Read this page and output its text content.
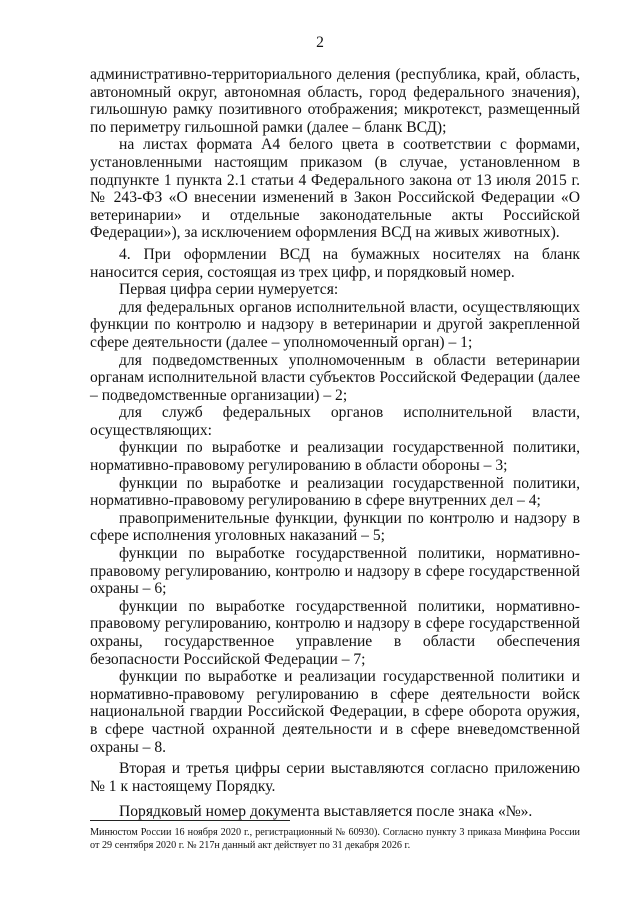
2

административно-территориального деления (республика, край, область, автономный округ, автономная область, город федерального значения), гильошную рамку позитивного отображения; микротекст, размещенный по периметру гильошной рамки (далее – бланк ВСД);

на листах формата А4 белого цвета в соответствии с формами, установленными настоящим приказом (в случае, установленном в подпункте 1 пункта 2.1 статьи 4 Федерального закона от 13 июля 2015 г. № 243-ФЗ «О внесении изменений в Закон Российской Федерации «О ветеринарии» и отдельные законодательные акты Российской Федерации»), за исключением оформления ВСД на живых животных).

4. При оформлении ВСД на бумажных носителях на бланк наносится серия, состоящая из трех цифр, и порядковый номер.

Первая цифра серии нумеруется:

для федеральных органов исполнительной власти, осуществляющих функции по контролю и надзору в ветеринарии и другой закрепленной сфере деятельности (далее – уполномоченный орган) – 1;

для подведомственных уполномоченным в области ветеринарии органам исполнительной власти субъектов Российской Федерации (далее – подведомственные организации) – 2;

для служб федеральных органов исполнительной власти, осуществляющих:

функции по выработке и реализации государственной политики, нормативно-правовому регулированию в области обороны – 3;

функции по выработке и реализации государственной политики, нормативно-правовому регулированию в сфере внутренних дел – 4;

правоприменительные функции, функции по контролю и надзору в сфере исполнения уголовных наказаний – 5;

функции по выработке государственной политики, нормативно-правовому регулированию, контролю и надзору в сфере государственной охраны – 6;

функции по выработке государственной политики, нормативно-правовому регулированию, контролю и надзору в сфере государственной охраны, государственное управление в области обеспечения безопасности Российской Федерации – 7;

функции по выработке и реализации государственной политики и нормативно-правовому регулированию в сфере деятельности войск национальной гвардии Российской Федерации, в сфере оборота оружия, в сфере частной охранной деятельности и в сфере вневедомственной охраны – 8.

Вторая и третья цифры серии выставляются согласно приложению № 1 к настоящему Порядку.

Порядковый номер документа выставляется после знака «№».

Минюстом России 16 ноября 2020 г., регистрационный № 60930). Согласно пункту 3 приказа Минфина России от 29 сентября 2020 г. № 217н данный акт действует по 31 декабря 2026 г.
